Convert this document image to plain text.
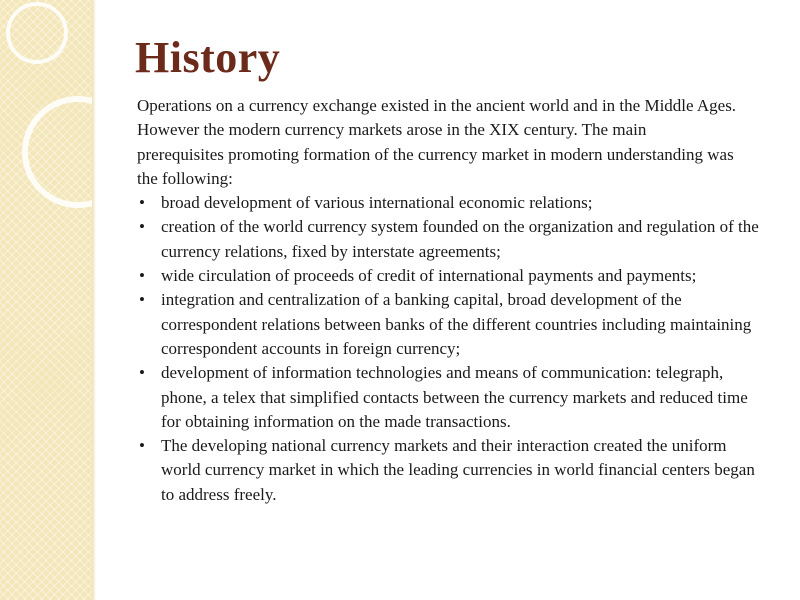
History

Operations on a currency exchange existed in the ancient world and in the Middle Ages. However the modern currency markets arose in the XIX century. The main prerequisites promoting formation of the currency market in modern understanding was the following:

• broad development of various international economic relations;
• creation of the world currency system founded on the organization and regulation of the currency relations, fixed by interstate agreements;
• wide circulation of proceeds of credit of international payments and payments;
• integration and centralization of a banking capital, broad development of the correspondent relations between banks of the different countries including maintaining correspondent accounts in foreign currency;
• development of information technologies and means of communication: telegraph, phone, a telex that simplified contacts between the currency markets and reduced time for obtaining information on the made transactions.
• The developing national currency markets and their interaction created the uniform world currency market in which the leading currencies in world financial centers began to address freely.
